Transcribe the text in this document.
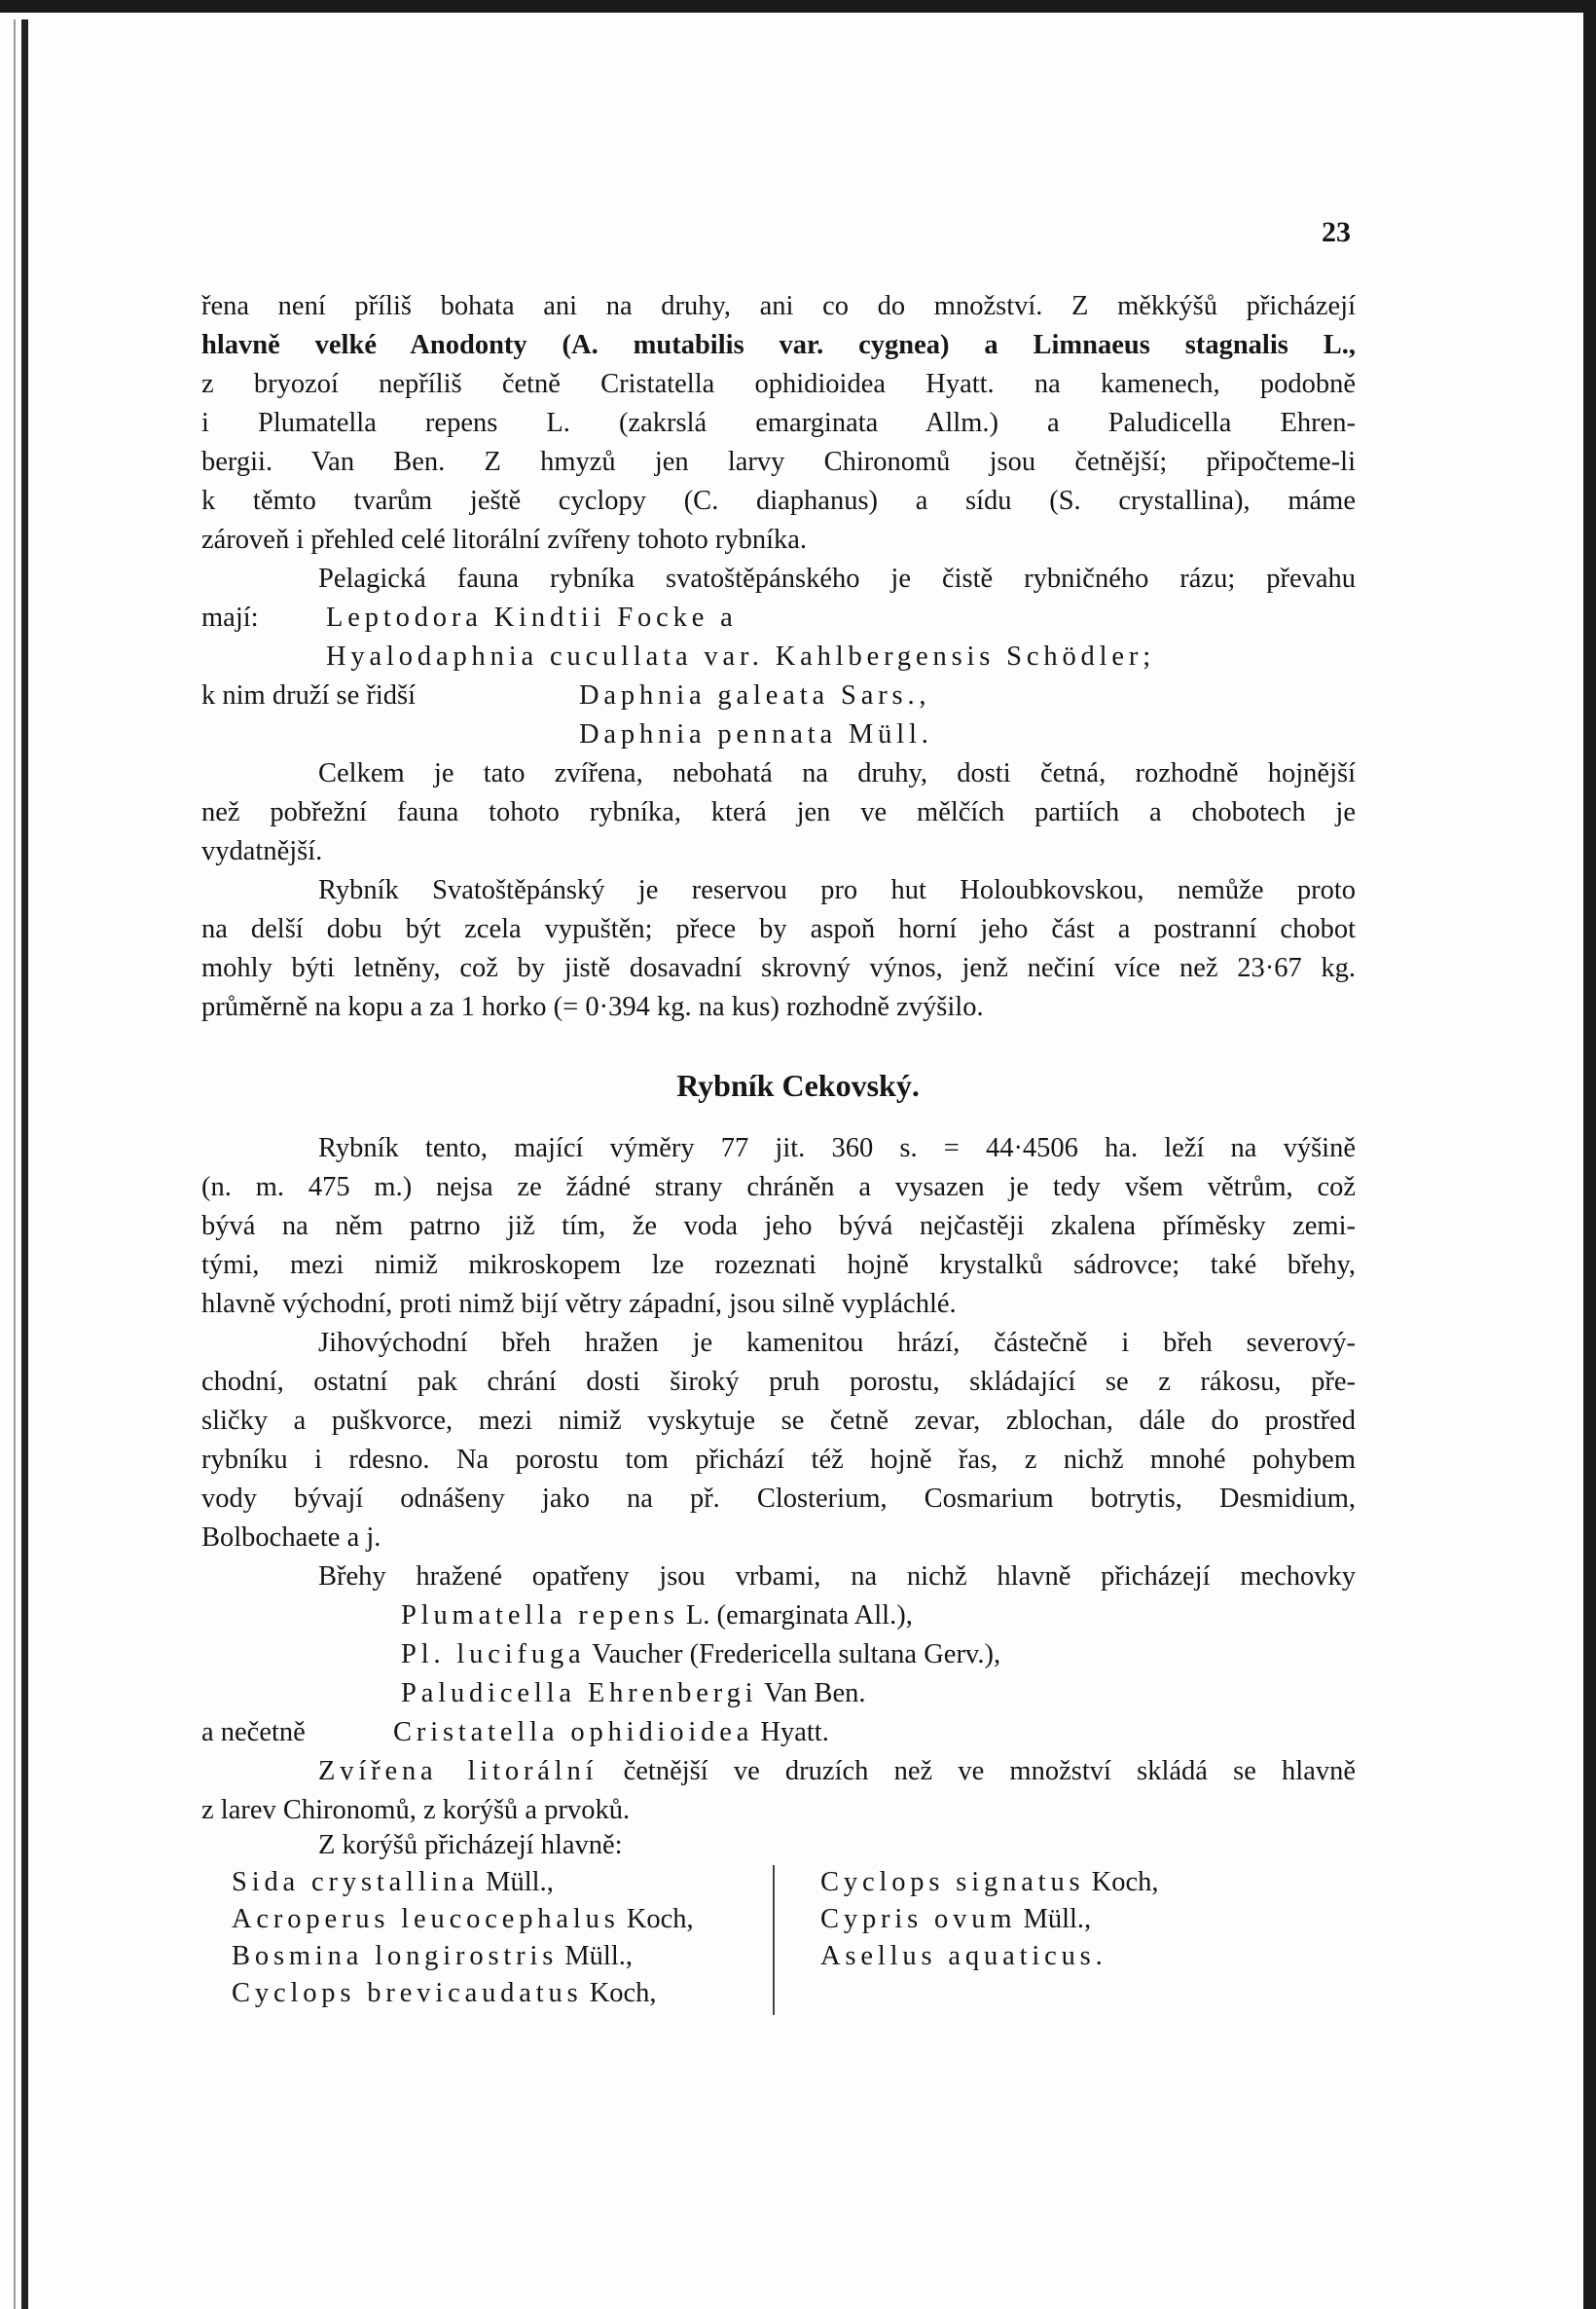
23
řena není příliš bohata ani na druhy, ani co do množství. Z měkkýšů přicházejí
hlavně velké Anodonty (A. mutabilis var. cygnea) a Limnaeus stagnalis L.,
z bryozoí nepříliš četně Cristatella ophidioidea Hyatt. na kamenech, podobně
i Plumatella repens L. (zakrslá emarginata Allm.) a Paludicella Ehren-
bergii. Van Ben. Z hmyzů jen larvy Chironomů jsou četnější; připočteme-li
k těmto tvarům ještě cyclopy (C. diaphanus) a sídu (S. crystallina), máme
zároveň i přehled celé litorální zvířeny tohoto rybníka.
Pelagická fauna rybníka svatoštěpánského je čistě rybničného rázu; převahu
mají: Leptodora Kindtii Focke a
Hyalodaphnia cucullata var. Kahlbergensis Schödler;
k nim druží se řidší	Daphnia galeata Sars.,
Daphnia pennata Müll.
Celkem je tato zvířena, nebohatá na druhy, dosti četná, rozhodně hojnější
než pobřežní fauna tohoto rybníka, která jen ve mělčích partiích a chobotech je
vydatnější.
Rybník Svatoštěpánský je reservou pro hut Holoubkovskou, nemůže proto
na delší dobu být zcela vypuštěn; přece by aspoň horní jeho část a postranní chobot
mohly býti letněny, což by jistě dosavadní skrovný výnos, jenž nečiní více než 23·67 kg.
průměrně na kopu a za 1 horko (= 0·394 kg. na kus) rozhodně zvýšilo.
Rybník Cekovský.
Rybník tento, mající výměry 77 jit. 360 s. = 44·4506 ha. leží na výšině
(n. m. 475 m.) nejsa ze žádné strany chráněn a vysazen je tedy všem větrům, což
bývá na něm patrno již tím, že voda jeho bývá nejčastěji zkalena příměsky zemi-
tými, mezi nimiž mikroskopem lze rozeznati hojně krystalků sádrovce; také břehy,
hlavně východní, proti nimž bijí větry západní, jsou silně vypláchlé.
Jihovýchodní břeh hražen je kamenitou hrází, částečně i břeh severový-
chodní, ostatní pak chrání dosti široký pruh porostu, skládající se z rákosu, pře-
sličky a puškvorce, mezi nimiž vyskytuje se četně zevar, zblochan, dále do prostřed
rybníku i rdesno. Na porostu tom přichází též hojně řas, z nichž mnohé pohybem
vody bývají odnášeny jako na př. Closterium, Cosmarium botrytis, Desmidium,
Bolbochaete a j.
Břehy hražené opatřeny jsou vrbami, na nichž hlavně přicházejí mechovky
Plumatella repens L. (emarginata All.),
Pl. lucifuga Vaucher (Fredericella sultana Gerv.),
Paludicella Ehrenbergi Van Ben.
a nečetně	Cristatella ophidioidea Hyatt.
Zvířena litorální četnější ve druzích než ve množství skládá se hlavně
z larev Chironomů, z korýšů a prvoků.
Z korýšů přicházejí hlavně:
Sida crystallina Müll.,
Acroperus leucocephalus Koch,
Bosmina longirostris Müll.,
Cyclops brevicaudatus Koch,
Cyclops signatus Koch,
Cypris ovum Müll.,
Asellus aquaticus.
